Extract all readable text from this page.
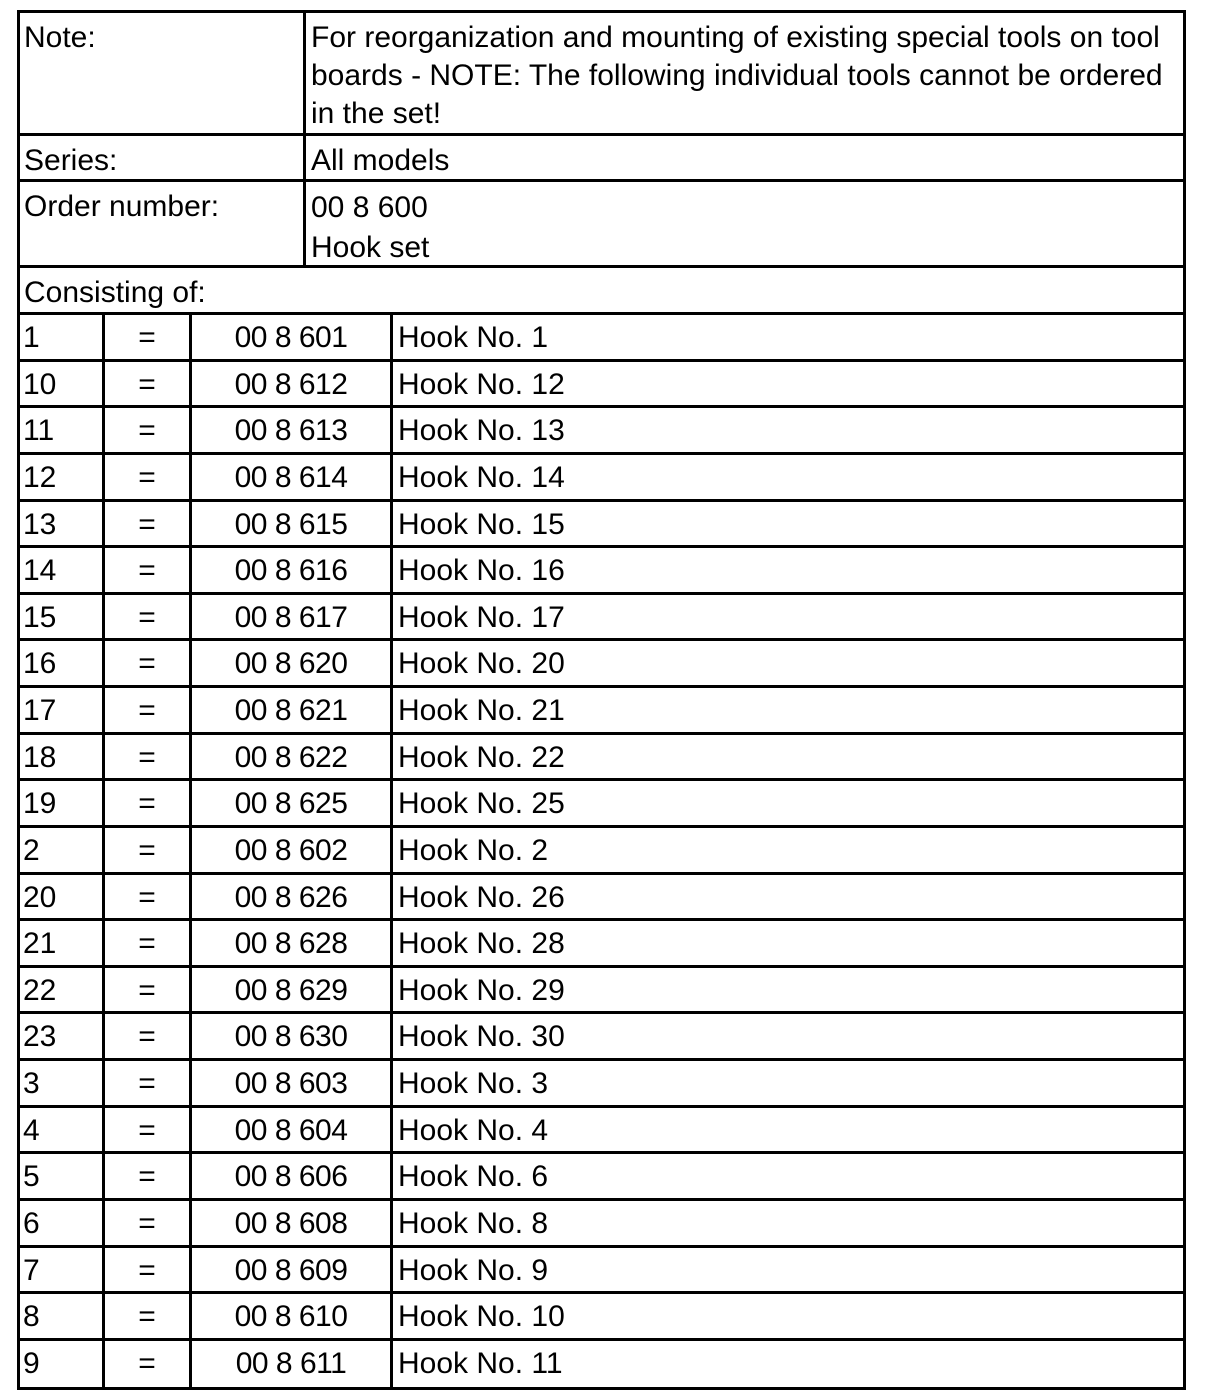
Note:	For reorganization and mounting of existing special tools on tool boards - NOTE: The following individual tools cannot be ordered in the set!
Series:	All models
Order number:	00 8 600
Hook set
Consisting of:
1	=	00 8 601	Hook No. 1
10	=	00 8 612	Hook No. 12
11	=	00 8 613	Hook No. 13
12	=	00 8 614	Hook No. 14
13	=	00 8 615	Hook No. 15
14	=	00 8 616	Hook No. 16
15	=	00 8 617	Hook No. 17
16	=	00 8 620	Hook No. 20
17	=	00 8 621	Hook No. 21
18	=	00 8 622	Hook No. 22
19	=	00 8 625	Hook No. 25
2	=	00 8 602	Hook No. 2
20	=	00 8 626	Hook No. 26
21	=	00 8 628	Hook No. 28
22	=	00 8 629	Hook No. 29
23	=	00 8 630	Hook No. 30
3	=	00 8 603	Hook No. 3
4	=	00 8 604	Hook No. 4
5	=	00 8 606	Hook No. 6
6	=	00 8 608	Hook No. 8
7	=	00 8 609	Hook No. 9
8	=	00 8 610	Hook No. 10
9	=	00 8 611	Hook No. 11
